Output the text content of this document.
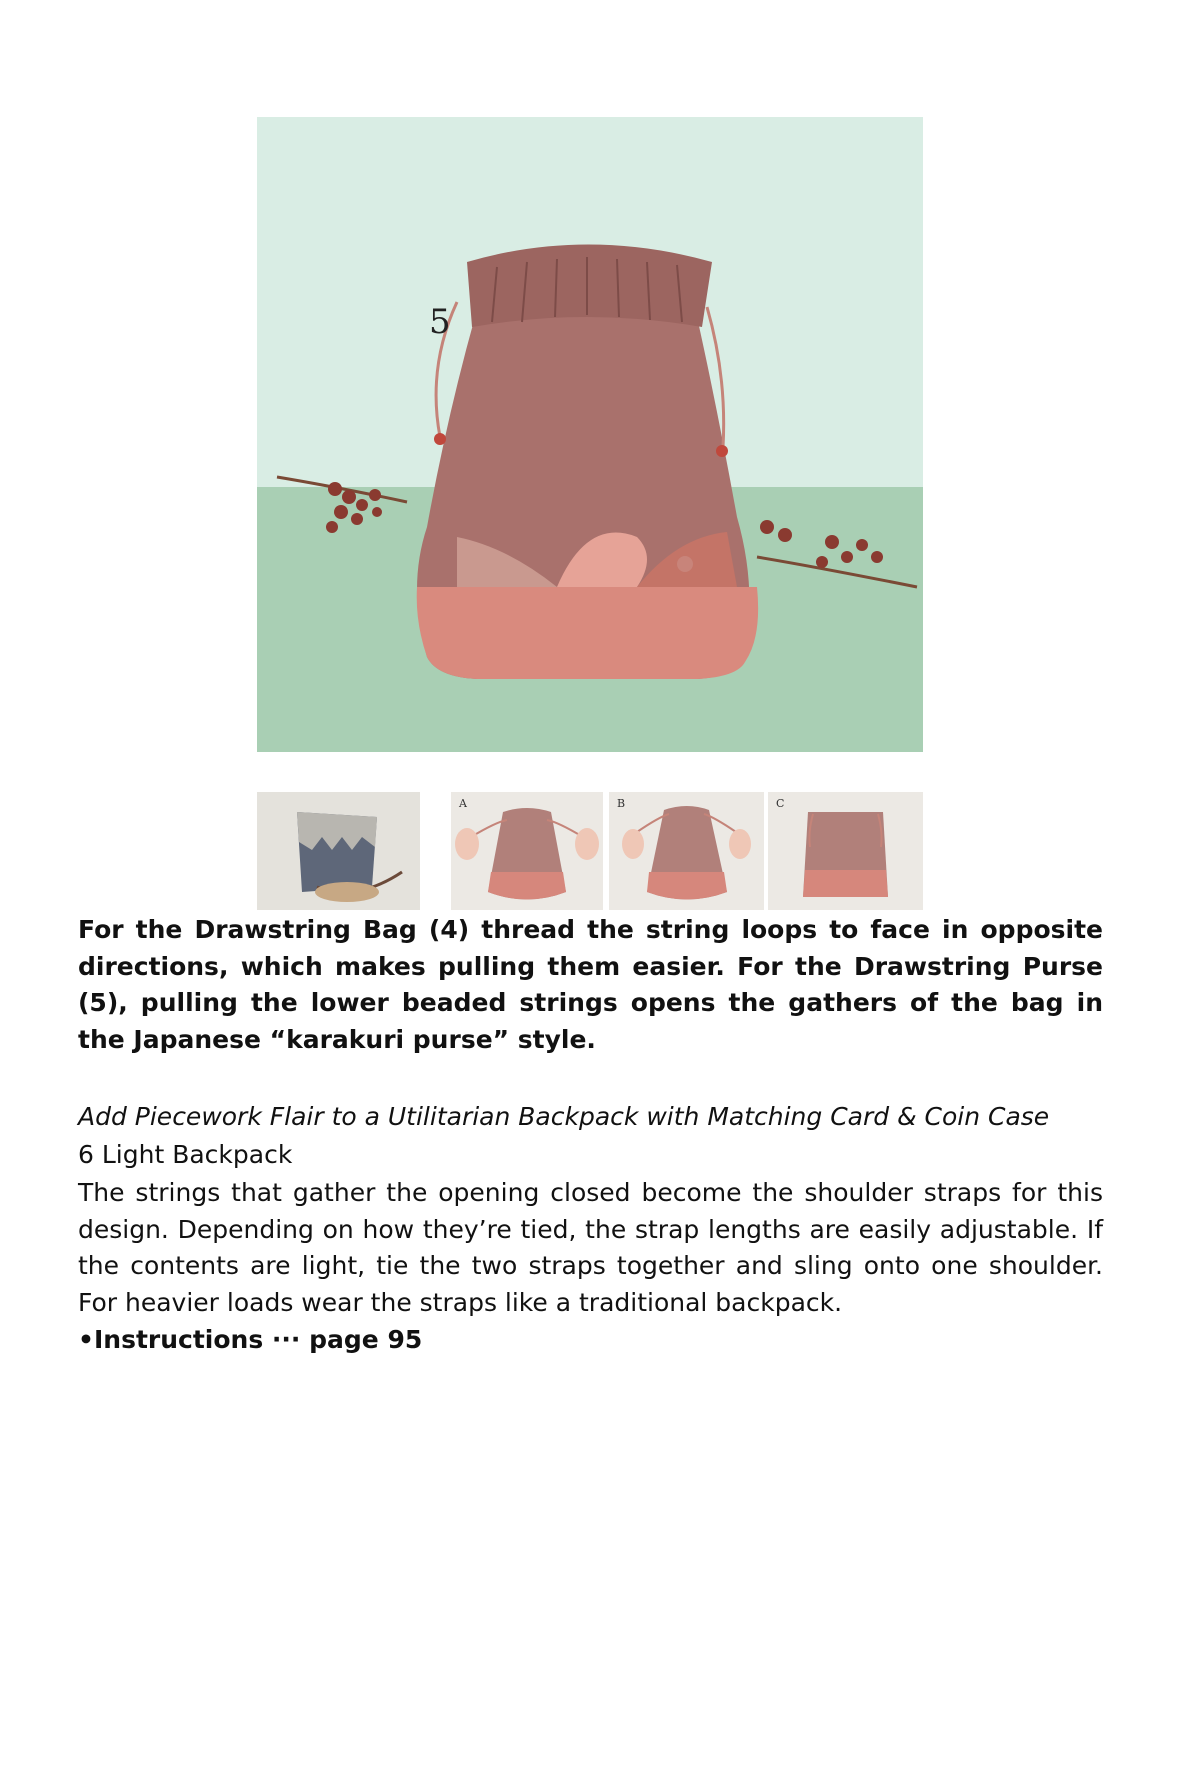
5
A	B	C

For the Drawstring Bag (4) thread the string loops to face in opposite directions, which makes pulling them easier. For the Drawstring Purse (5), pulling the lower beaded strings opens the gathers of the bag in the Japanese “karakuri purse” style.

Add Piecework Flair to a Utilitarian Backpack with Matching Card & Coin Case

6 Light Backpack

The strings that gather the opening closed become the shoulder straps for this design. Depending on how they’re tied, the strap lengths are easily adjustable. If the contents are light, tie the two straps together and sling onto one shoulder. For heavier loads wear the straps like a traditional backpack.

•Instructions ··· page 95
